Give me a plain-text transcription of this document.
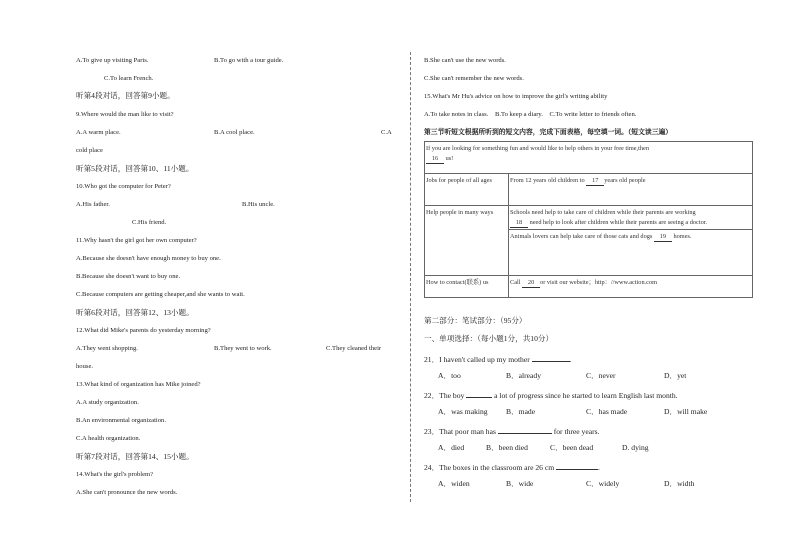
A.To give up visiting Paris.	B.To go with a tour guide.
C.To learn French.
听第4段对话，回答第9小题。
9.Where would the man like to visit?
A.A warm place.	B.A cool place.	C.A
cold place
听第5段对话，回答第10、11小题。
10.Who got the computer for Peter?
A.His father.	B.His uncle.
C.His friend.
11.Why hasn't the girl got her own computer?
A.Because she doesn't have enough money to buy one.
B.Because she doesn't want to buy one.
C.Because computers are getting cheaper,and she wants to wait.
听第6段对话，回答第12、13小题。
12.What did Mike's parents do yesterday morning?
A.They went shopping.	B.They went to work.	C.They cleaned their
house.
13.What kind of organization has Mike joined?
A.A study organization.
B.An environmental organization.
C.A health organization.
听第7段对话，回答第14、15小题。
14.What's the girl's problem?
A.She can't pronounce the new words.
B.She can't use the new words.
C.She can't remember the new words.
15.What's Mr Hu's advice on how to improve the girl's writing ability
A.To take notes in class.    B.To keep a diary.    C.To write letter to friends often.
第三节听短文根据所听到的短文内容，完成下面表格，每空填一词。（短文读三遍）
If you are looking for something fun and would like to help others in your free time,then
16 us!	
Jobs for people of all ages	From 12 years old children to 17 years old people
Help people in many ways	Schools need help to take care of children while their parents are working
18 need help to look after children while their parents are seeing a doctor.
Animals lovers can help take care of those cats and dogs 19 homes.

How to contact(联系) us	Call 20 or visit our website；http：//www.action.com
第二部分：笔试部分：（95分）
一、单项选择：（每小题1分，共10分）
21．I haven't called up my mother	.
A．too	B．already	C．never	D．yet
22．The boy	a lot of progress since he started to learn English last month.
A．was making B．made	C．has made	D．will make
23．That poor man has	for three years.
A．died	B．been died	C．been dead	D. dying
24．The boxes in the classroom are 26 cm	.
A．widen	B．wide	C．widely	D．width
